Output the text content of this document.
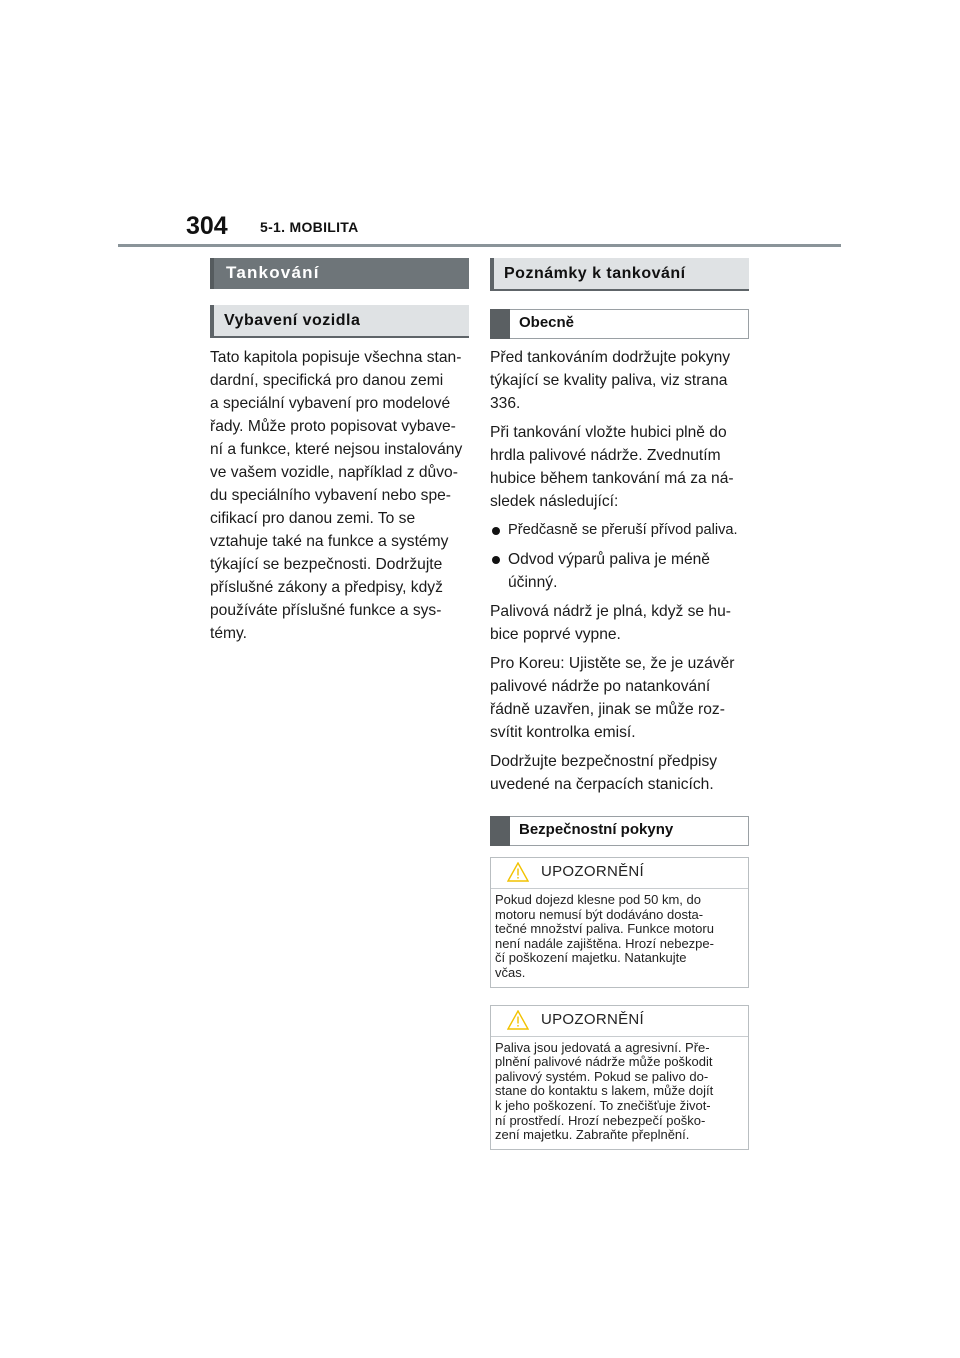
304 5-1. MOBILITA
Tankování
Vybavení vozidla
Tato kapitola popisuje všechna stan-
dardní, specifická pro danou zemi
a speciální vybavení pro modelové
řady. Může proto popisovat vybave-
ní a funkce, které nejsou instalovány
ve vašem vozidle, například z důvo-
du speciálního vybavení nebo spe-
cifikací pro danou zemi. To se
vztahuje také na funkce a systémy
týkající se bezpečnosti. Dodržujte
příslušné zákony a předpisy, když
používáte příslušné funkce a sys-
témy.
Poznámky k tankování
Obecně
Před tankováním dodržujte pokyny
týkající se kvality paliva, viz strana
336.
Při tankování vložte hubici plně do
hrdla palivové nádrže. Zvednutím
hubice během tankování má za ná-
sledek následující:
Předčasně se přeruší přívod paliva.
Odvod výparů paliva je méně
účinný.
Palivová nádrž je plná, když se hu-
bice poprvé vypne.
Pro Koreu: Ujistěte se, že je uzávěr
palivové nádrže po natankování
řádně uzavřen, jinak se může roz-
svítit kontrolka emisí.
Dodržujte bezpečnostní předpisy
uvedené na čerpacích stanicích.
Bezpečnostní pokyny
UPOZORNĚNÍ
Pokud dojezd klesne pod 50 km, do
motoru nemusí být dodáváno dosta-
tečné množství paliva. Funkce motoru
není nadále zajištěna. Hrozí nebezpe-
čí poškození majetku. Natankujte
včas.
UPOZORNĚNÍ
Paliva jsou jedovatá a agresivní. Pře-
plnění palivové nádrže může poškodit
palivový systém. Pokud se palivo do-
stane do kontaktu s lakem, může dojít
k jeho poškození. To znečišťuje život-
ní prostředí. Hrozí nebezpečí poško-
zení majetku. Zabraňte přeplnění.
